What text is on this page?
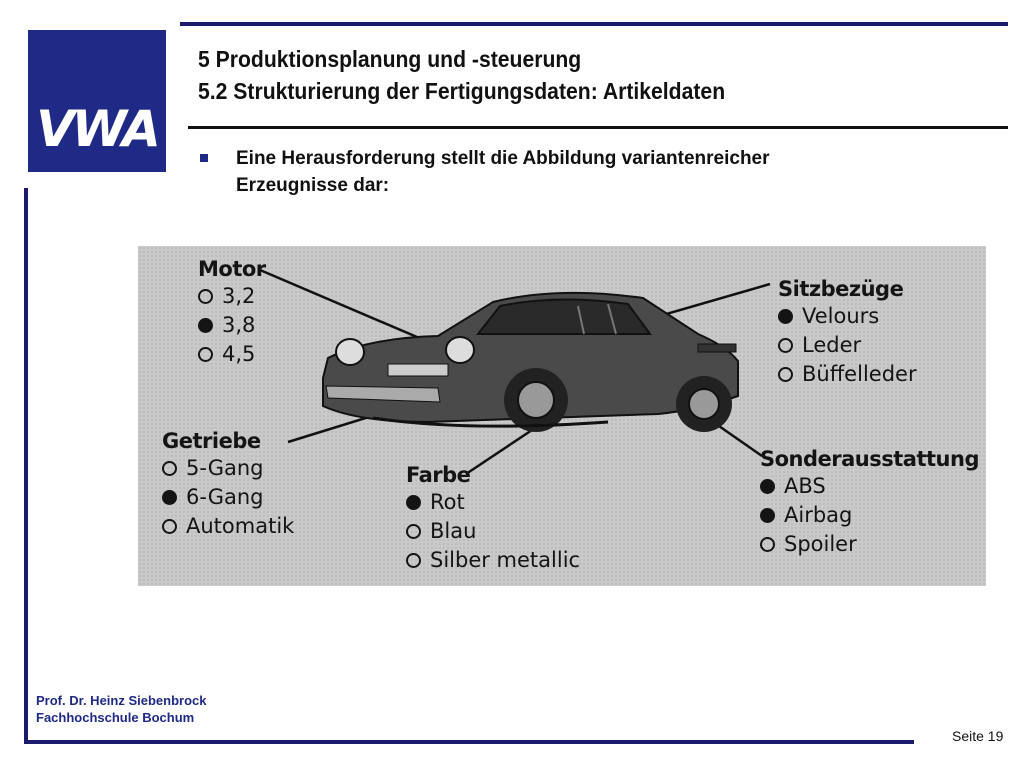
VWA
5 Produktionsplanung und -steuerung
5.2 Strukturierung der Fertigungsdaten: Artikeldaten
Eine Herausforderung stellt die Abbildung variantenreicher
Erzeugnisse dar:
Motor
3,2
3,8
4,5
Getriebe
5-Gang
6-Gang
Automatik
Farbe
Rot
Blau
Silber metallic
Sitzbezüge
Velours
Leder
Büffelleder
Sonderausstattung
ABS
Airbag
Spoiler
Prof. Dr. Heinz Siebenbrock
Fachhochschule Bochum
Seite 19
